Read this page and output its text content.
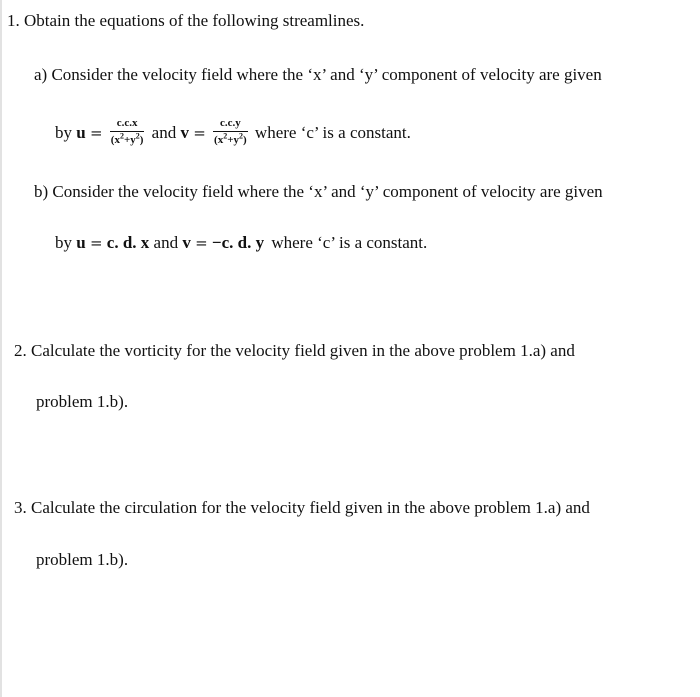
1. Obtain the equations of the following streamlines.
a) Consider the velocity field where the ‘x’ and ‘y’ component of velocity are given
by $u = \frac{c.c.x}{(x^2+y^2)}$ and $v = \frac{c.c.y}{(x^2+y^2)}$ where ‘c’ is a constant.
b) Consider the velocity field where the ‘x’ and ‘y’ component of velocity are given
by u = c. d. x and v = −c. d. y where ‘c’ is a constant.
2. Calculate the vorticity for the velocity field given in the above problem 1.a) and
problem 1.b).
3. Calculate the circulation for the velocity field given in the above problem 1.a) and
problem 1.b).
